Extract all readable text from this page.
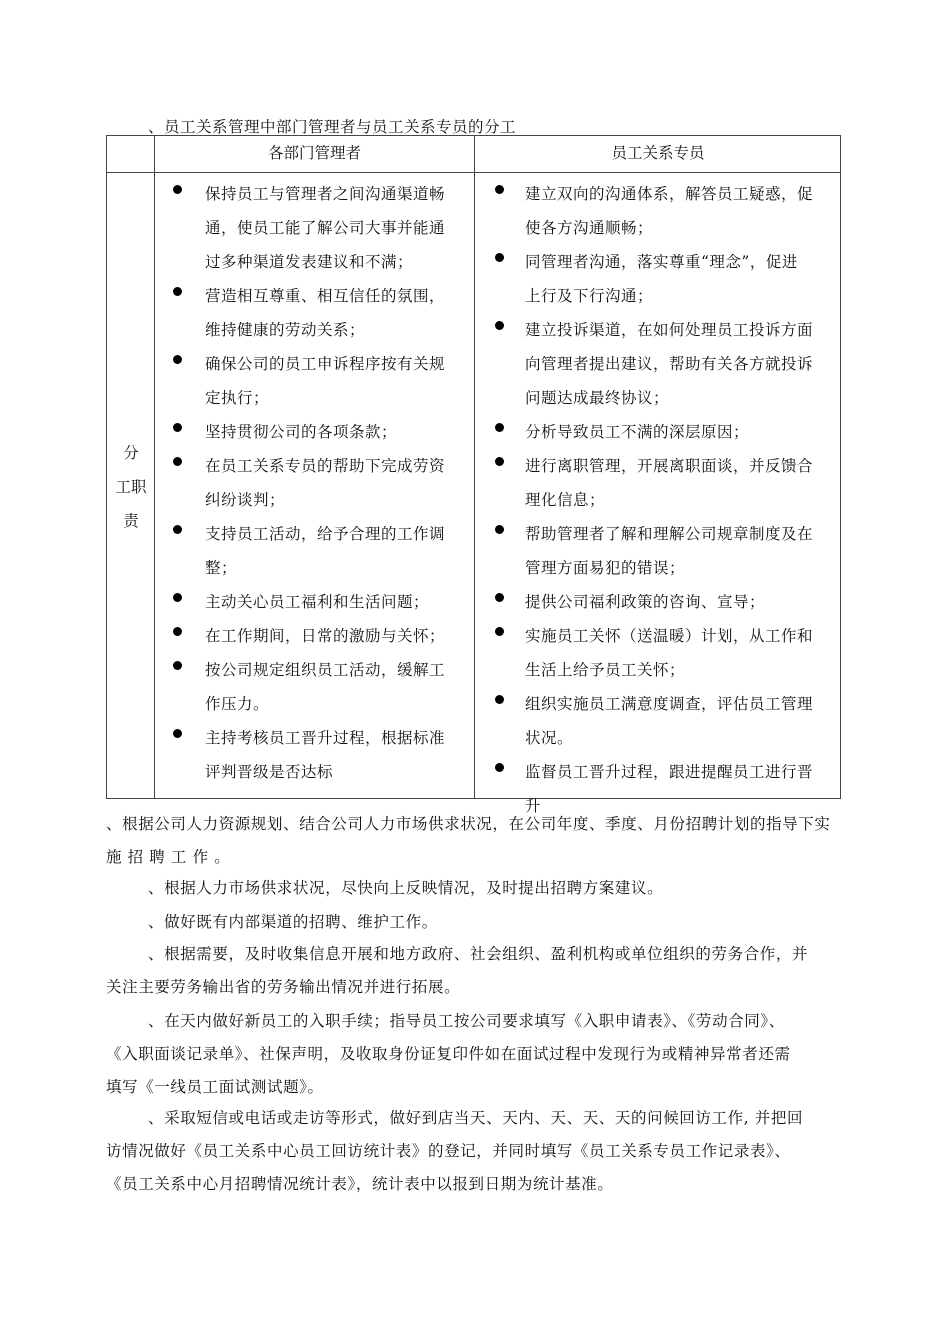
、员工关系管理中部门管理者与员工关系专员的分工
各部门管理者	员工关系专员
分
工职
责
保持员工与管理者之间沟通渠道畅
通，使员工能了解公司大事并能通
过多种渠道发表建议和不满；
营造相互尊重、相互信任的氛围，
维持健康的劳动关系；
确保公司的员工申诉程序按有关规
定执行；
坚持贯彻公司的各项条款；
在员工关系专员的帮助下完成劳资
纠纷谈判；
支持员工活动，给予合理的工作调
整；
主动关心员工福利和生活问题；
在工作期间，日常的激励与关怀；
按公司规定组织员工活动，缓解工
作压力。
主持考核员工晋升过程，根据标准
评判晋级是否达标
建立双向的沟通体系，解答员工疑惑，促
使各方沟通顺畅；
同管理者沟通，落实尊重“理念”，促进
上行及下行沟通；
建立投诉渠道，在如何处理员工投诉方面
向管理者提出建议，帮助有关各方就投诉
问题达成最终协议；
分析导致员工不满的深层原因；
进行离职管理，开展离职面谈，并反馈合
理化信息；
帮助管理者了解和理解公司规章制度及在
管理方面易犯的错误；
提供公司福利政策的咨询、宣导；
实施员工关怀（送温暖）计划，从工作和
生活上给予员工关怀；
组织实施员工满意度调查，评估员工管理
状况。
监督员工晋升过程，跟进提醒员工进行晋
升
、根据公司人力资源规划、结合公司人力市场供求状况，在公司年度、季度、月份招聘计划的指导下实
施 招 聘 工 作 。
、根据人力市场供求状况，尽快向上反映情况，及时提出招聘方案建议。
、做好既有内部渠道的招聘、维护工作。
、根据需要，及时收集信息开展和地方政府、社会组织、盈利机构或单位组织的劳务合作，并
关注主要劳务输出省的劳务输出情况并进行拓展。
、在天内做好新员工的入职手续；指导员工按公司要求填写《入职申请表》、《劳动合同》、
《入职面谈记录单》、社保声明，及收取身份证复印件如在面试过程中发现行为或精神异常者还需
填写《一线员工面试测试题》。
、采取短信或电话或走访等形式，做好到店当天、天内、天、天、天的问候回访工作, 并把回
访情况做好《员工关系中心员工回访统计表》的登记，并同时填写《员工关系专员工作记录表》、
《员工关系中心月招聘情况统计表》，统计表中以报到日期为统计基准。
